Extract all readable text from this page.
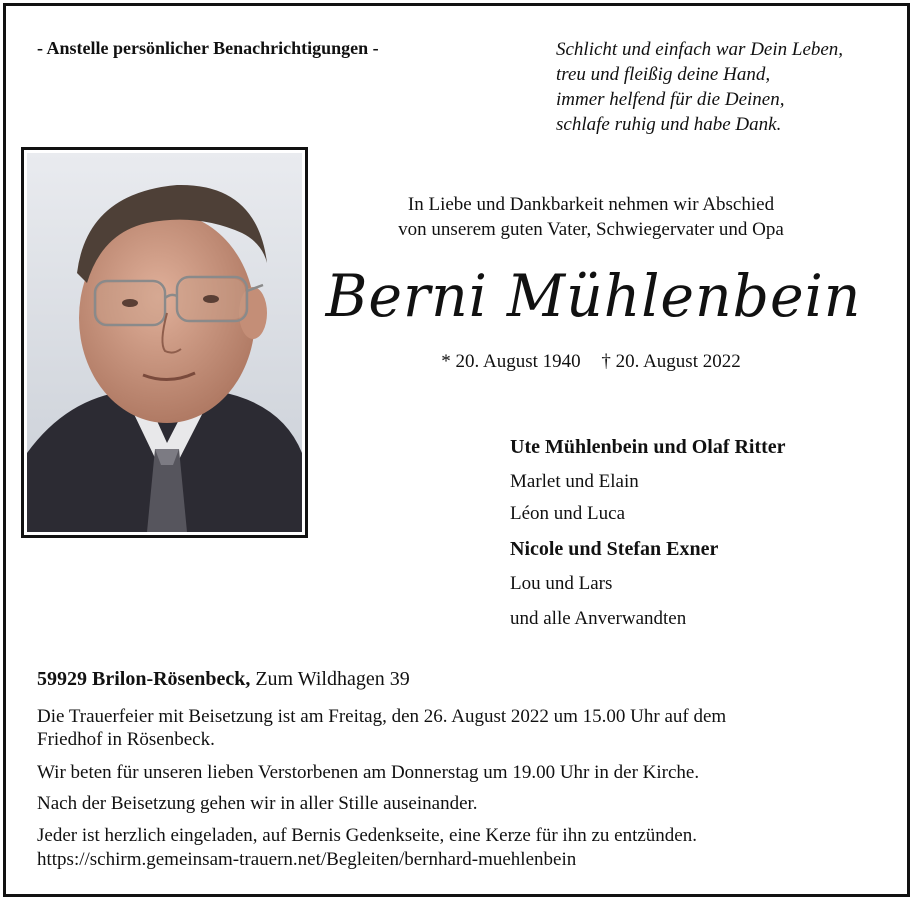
- Anstelle persönlicher Benachrichtigungen -	Schlicht und einfach war Dein Leben,
treu und fleißig deine Hand,
immer helfend für die Deinen,
schlafe ruhig und habe Dank.
In Liebe und Dankbarkeit nehmen wir Abschied
von unserem guten Vater, Schwiegervater und Opa
Berni Mühlenbein
* 20. August 1940 † 20. August 2022
Ute Mühlenbein und Olaf Ritter
Marlet und Elain
Léon und Luca
Nicole und Stefan Exner
Lou und Lars
und alle Anverwandten
59929 Brilon-Rösenbeck, Zum Wildhagen 39
Die Trauerfeier mit Beisetzung ist am Freitag, den 26. August 2022 um 15.00 Uhr auf dem
Friedhof in Rösenbeck.
Wir beten für unseren lieben Verstorbenen am Donnerstag um 19.00 Uhr in der Kirche.
Nach der Beisetzung gehen wir in aller Stille auseinander.
Jeder ist herzlich eingeladen, auf Bernis Gedenkseite, eine Kerze für ihn zu entzünden.
https://schirm.gemeinsam-trauern.net/Begleiten/bernhard-muehlenbein
